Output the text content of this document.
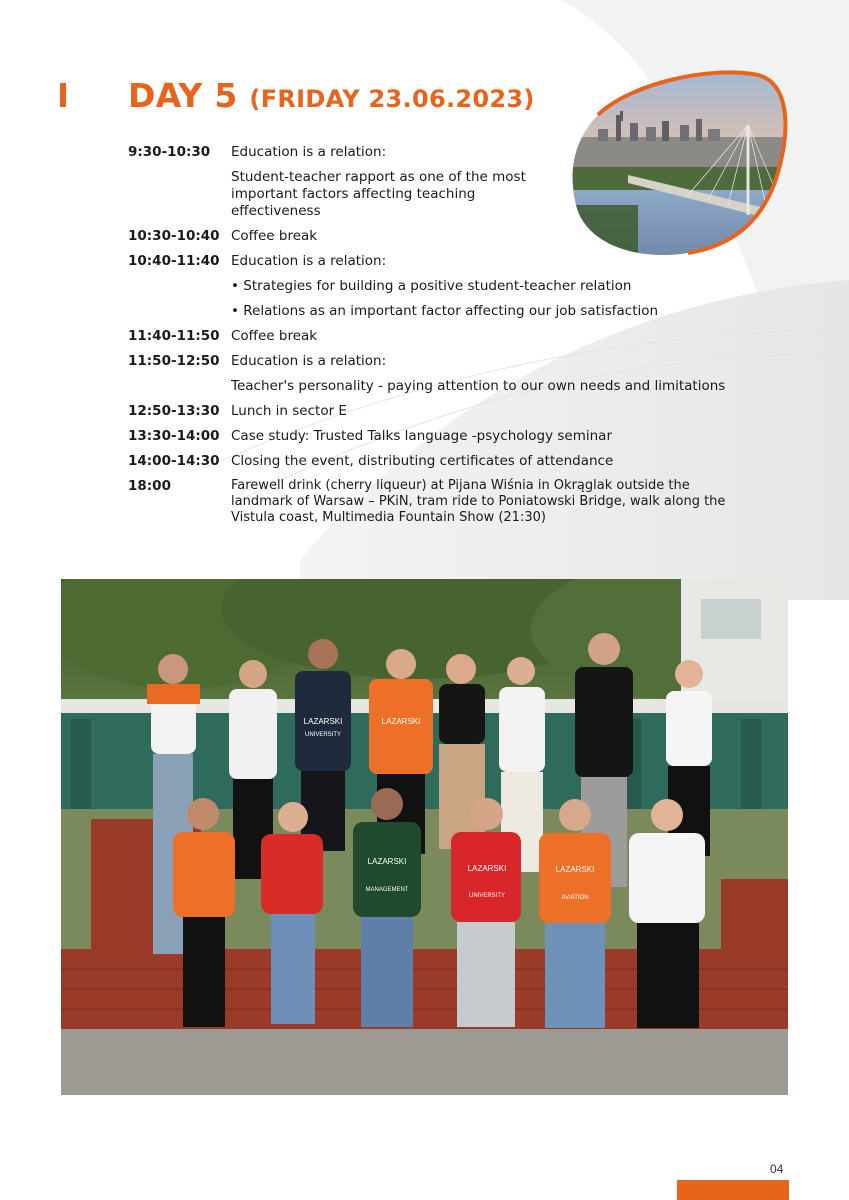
DAY 5 (FRIDAY 23.06.2023)
9:30-10:30	Education is a relation:
Student-teacher rapport as one of the most important factors affecting teaching effectiveness
10:30-10:40 Coffee break
10:40-11:40 Education is a relation:
• Strategies for building a positive student-teacher relation
• Relations as an important factor affecting our job satisfaction
11:40-11:50 Coffee break
11:50-12:50 Education is a relation:
Teacher's personality - paying attention to our own needs and limitations
12:50-13:30 Lunch in sector E
13:30-14:00 Case study: Trusted Talks language -psychology seminar
14:00-14:30 Closing the event, distributing certificates of attendance
18:00	Farewell drink (cherry liqueur) at Pijana Wiśnia in Okrąglak outside the landmark of Warsaw – PKiN, tram ride to Poniatowski Bridge, walk along the Vistula coast, Multimedia Fountain Show (21:30)
LAZARSKI
UNIVERSITY
LAZARSKI
LAZARSKI
MANAGEMENT
LAZARSKI
UNIVERSITY
LAZARSKI
AVIATION
04
